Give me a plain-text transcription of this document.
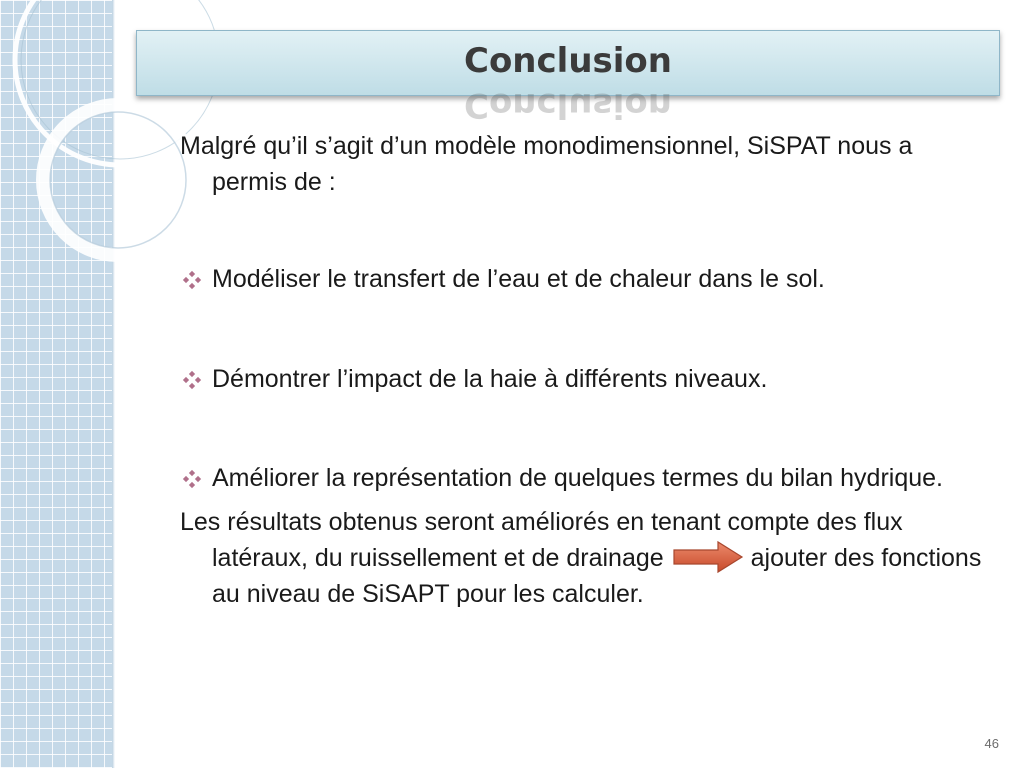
Conclusion
Conclusion

Malgré qu’il s’agit d’un modèle monodimensionnel, SiSPAT nous a permis de :

Modéliser le transfert de l’eau et de chaleur dans le sol.
Démontrer l’impact de la haie à différents niveaux.
Améliorer la représentation de quelques termes du bilan hydrique.

Les résultats obtenus seront améliorés en tenant compte des flux latéraux, du ruissellement et de drainage	ajouter des fonctions au niveau de SiSAPT pour les calculer.

46
